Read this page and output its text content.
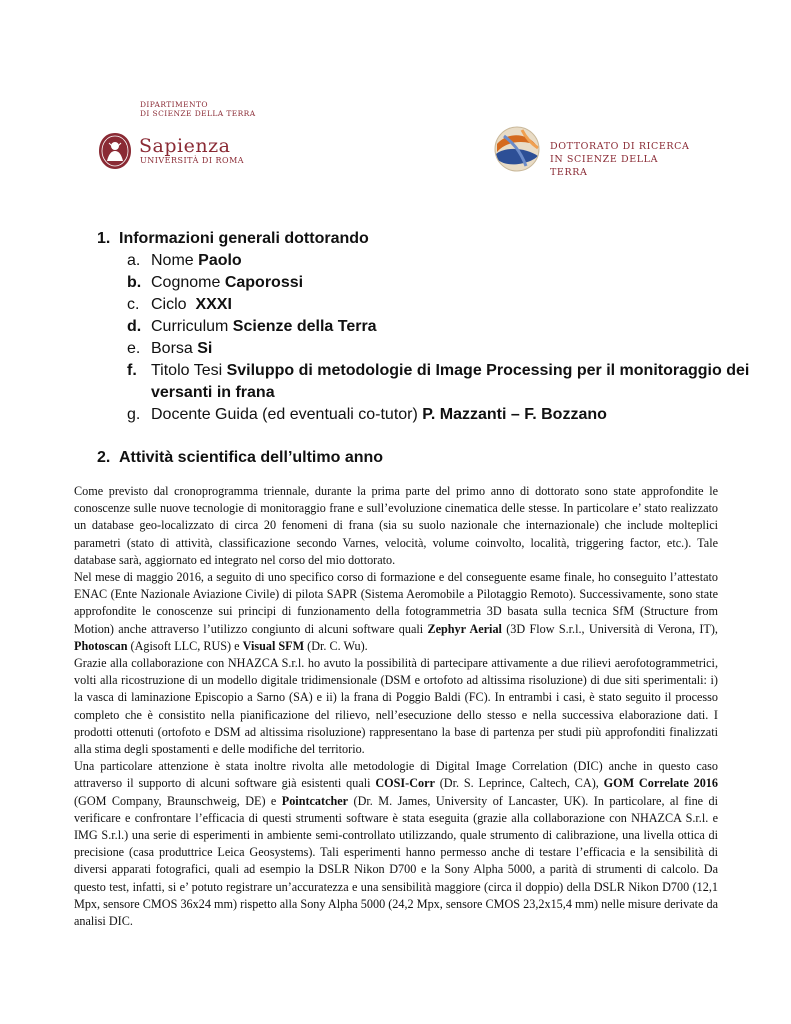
DIPARTIMENTO
DI SCIENZE DELLA TERRA
Sapienza
UNIVERSITÀ DI ROMA
DOTTORATO DI RICERCA
IN SCIENZE DELLA TERRA
1. Informazioni generali dottorando
a. Nome Paolo
b. Cognome Caporossi
c. Ciclo XXXI
d. Curriculum Scienze della Terra
e. Borsa Si
f. Titolo Tesi Sviluppo di metodologie di Image Processing per il monitoraggio dei versanti in frana
g. Docente Guida (ed eventuali co-tutor) P. Mazzanti – F. Bozzano
2. Attività scientifica dell’ultimo anno

Come previsto dal cronoprogramma triennale, durante la prima parte del primo anno di dottorato sono state approfondite le conoscenze sulle nuove tecnologie di monitoraggio frane e sull’evoluzione cinematica delle stesse. In particolare e’ stato realizzato un database geo-localizzato di circa 20 fenomeni di frana (sia su suolo nazionale che internazionale) che include molteplici parametri (stato di attività, classificazione secondo Varnes, velocità, volume coinvolto, località, triggering factor, etc.). Tale database sarà, aggiornato ed integrato nel corso del mio dottorato.

Nel mese di maggio 2016, a seguito di uno specifico corso di formazione e del conseguente esame finale, ho conseguito l’attestato ENAC (Ente Nazionale Aviazione Civile) di pilota SAPR (Sistema Aeromobile a Pilotaggio Remoto). Successivamente, sono state approfondite le conoscenze sui principi di funzionamento della fotogrammetria 3D basata sulla tecnica SfM (Structure from Motion) anche attraverso l’utilizzo congiunto di alcuni software quali Zephyr Aerial (3D Flow S.r.l., Università di Verona, IT), Photoscan (Agisoft LLC, RUS) e Visual SFM (Dr. C. Wu).

Grazie alla collaborazione con NHAZCA S.r.l. ho avuto la possibilità di partecipare attivamente a due rilievi aerofotogrammetrici, volti alla ricostruzione di un modello digitale tridimensionale (DSM e ortofoto ad altissima risoluzione) di due siti sperimentali: i) la vasca di laminazione Episcopio a Sarno (SA) e ii) la frana di Poggio Baldi (FC). In entrambi i casi, è stato seguito il processo completo che è consistito nella pianificazione del rilievo, nell’esecuzione dello stesso e nella successiva elaborazione dati. I prodotti ottenuti (ortofoto e DSM ad altissima risoluzione) rappresentano la base di partenza per studi più approfonditi finalizzati alla stima degli spostamenti e delle modifiche del territorio.

Una particolare attenzione è stata inoltre rivolta alle metodologie di Digital Image Correlation (DIC) anche in questo caso attraverso il supporto di alcuni software già esistenti quali COSI-Corr (Dr. S. Leprince, Caltech, CA), GOM Correlate 2016 (GOM Company, Braunschweig, DE) e Pointcatcher (Dr. M. James, University of Lancaster, UK). In particolare, al fine di verificare e confrontare l’efficacia di questi strumenti software è stata eseguita (grazie alla collaborazione con NHAZCA S.r.l. e IMG S.r.l.) una serie di esperimenti in ambiente semi-controllato utilizzando, quale strumento di calibrazione, una livella ottica di precisione (casa produttrice Leica Geosystems). Tali esperimenti hanno permesso anche di testare l’efficacia e la sensibilità di diversi apparati fotografici, quali ad esempio la DSLR Nikon D700 e la Sony Alpha 5000, a parità di strumenti di calcolo. Da questo test, infatti, si e’ potuto registrare un’accuratezza e una sensibilità maggiore (circa il doppio) della DSLR Nikon D700 (12,1 Mpx, sensore CMOS 36x24 mm) rispetto alla Sony Alpha 5000 (24,2 Mpx, sensore CMOS 23,2x15,4 mm) nelle misure derivate da analisi DIC.
